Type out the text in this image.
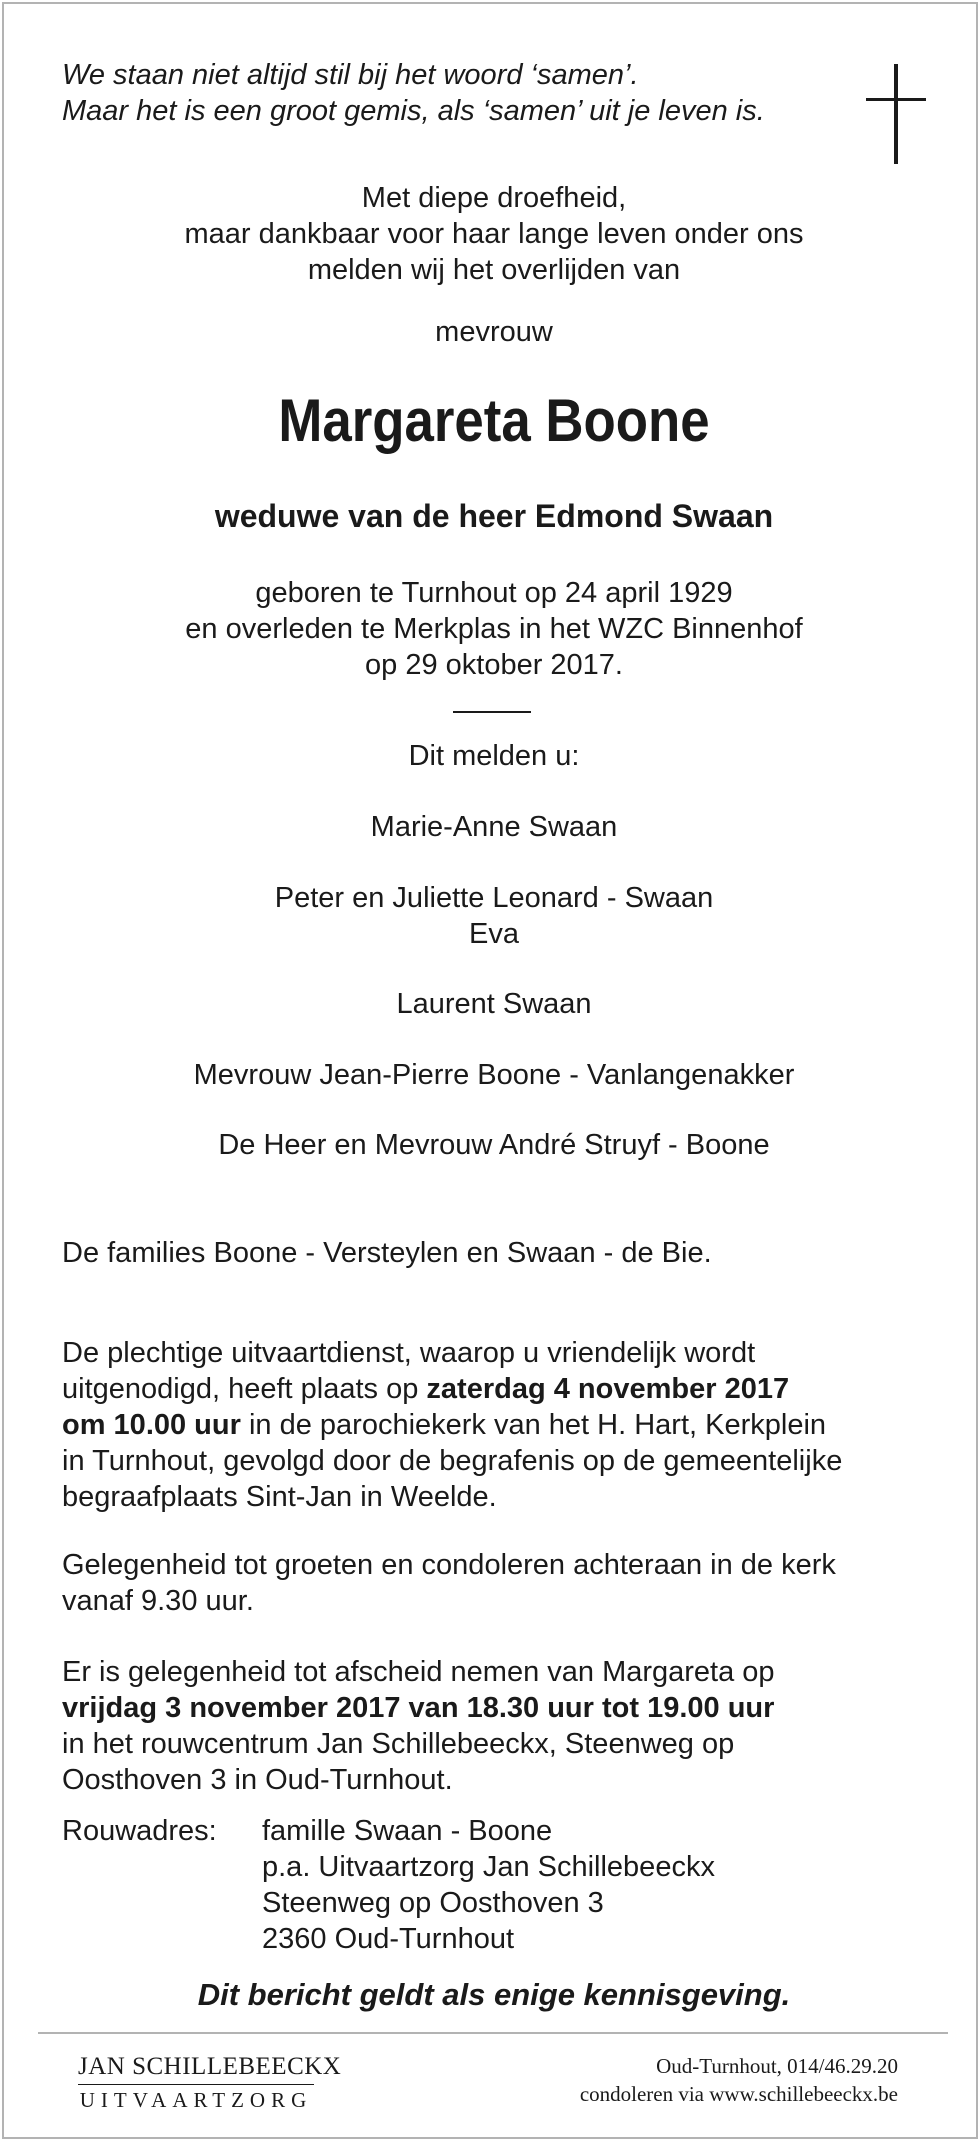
We staan niet altijd stil bij het woord ‘samen’.
Maar het is een groot gemis, als ‘samen’ uit je leven is.
Met diepe droefheid,
maar dankbaar voor haar lange leven onder ons
melden wij het overlijden van
mevrouw
Margareta Boone
weduwe van de heer Edmond Swaan
geboren te Turnhout op 24 april 1929
en overleden te Merkplas in het WZC Binnenhof
op 29 oktober 2017.
Dit melden u:
Marie-Anne Swaan
Peter en Juliette Leonard - Swaan
Eva
Laurent Swaan
Mevrouw Jean-Pierre Boone - Vanlangenakker
De Heer en Mevrouw André Struyf - Boone
De families Boone - Versteylen en Swaan - de Bie.
De plechtige uitvaartdienst, waarop u vriendelijk wordt
uitgenodigd, heeft plaats op zaterdag 4 november 2017
om 10.00 uur in de parochiekerk van het H. Hart, Kerkplein
in Turnhout, gevolgd door de begrafenis op de gemeentelijke
begraafplaats Sint-Jan in Weelde.
Gelegenheid tot groeten en condoleren achteraan in de kerk
vanaf 9.30 uur.
Er is gelegenheid tot afscheid nemen van Margareta op
vrijdag 3 november 2017 van 18.30 uur tot 19.00 uur
in het rouwcentrum Jan Schillebeeckx, Steenweg op
Oosthoven 3 in Oud-Turnhout.
Rouwadres: famille Swaan - Boone
p.a. Uitvaartzorg Jan Schillebeeckx
Steenweg op Oosthoven 3
2360 Oud-Turnhout
Dit bericht geldt als enige kennisgeving.
JAN SCHILLEBEECKX
UITVAARTZORG
Oud-Turnhout, 014/46.29.20
condoleren via www.schillebeeckx.be
